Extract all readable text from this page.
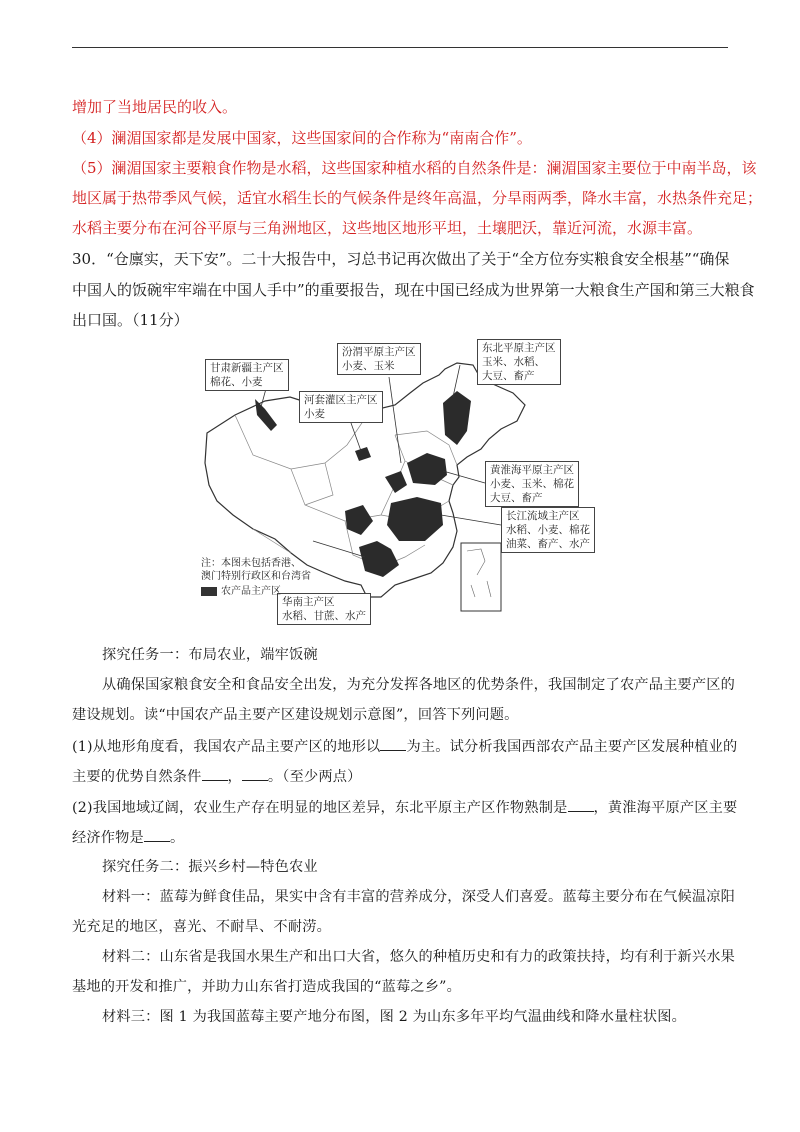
增加了当地居民的收入。
（4）澜湄国家都是发展中国家，这些国家间的合作称为“南南合作”。
（5）澜湄国家主要粮食作物是水稻，这些国家种植水稻的自然条件是：澜湄国家主要位于中南半岛，该
地区属于热带季风气候，适宜水稻生长的气候条件是终年高温，分旱雨两季，降水丰富，水热条件充足；
水稻主要分布在河谷平原与三角洲地区，这些地区地形平坦，土壤肥沃，靠近河流，水源丰富。
30．“仓廪实，天下安”。二十大报告中，习总书记再次做出了关于“全方位夯实粮食安全根基”“确保
中国人的饭碗牢牢端在中国人手中”的重要报告，现在中国已经成为世界第一大粮食生产国和第三大粮食
出口国。（11分）
甘肃新疆主产区
棉花、小麦
汾渭平原主产区
小麦、玉米
东北平原主产区
玉米、水稻、
大豆、畜产
河套灌区主产区
小麦
黄淮海平原主产区
小麦、玉米、棉花
大豆、畜产
长江流域主产区
水稻、小麦、棉花
油菜、畜产、水产
华南主产区
水稻、甘蔗、水产
注：本图未包括香港、
澳门特别行政区和台湾省
农产品主产区
探究任务一：布局农业，端牢饭碗
从确保国家粮食安全和食品安全出发，为充分发挥各地区的优势条件，我国制定了农产品主要产区的
建设规划。读“中国农产品主要产区建设规划示意图”，回答下列问题。
(1)从地形角度看，我国农产品主要产区的地形以 为主。试分析我国西部农产品主要产区发展种植业的
主要的优势自然条件 ， 。（至少两点）
(2)我国地域辽阔，农业生产存在明显的地区差异，东北平原主产区作物熟制是 ，黄淮海平原产区主要
经济作物是 。
探究任务二：振兴乡村—特色农业
材料一：蓝莓为鲜食佳品，果实中含有丰富的营养成分，深受人们喜爱。蓝莓主要分布在气候温凉阳
光充足的地区，喜光、不耐旱、不耐涝。
材料二：山东省是我国水果生产和出口大省，悠久的种植历史和有力的政策扶持，均有利于新兴水果
基地的开发和推广，并助力山东省打造成我国的“蓝莓之乡”。
材料三：图 1 为我国蓝莓主要产地分布图，图 2 为山东多年平均气温曲线和降水量柱状图。
